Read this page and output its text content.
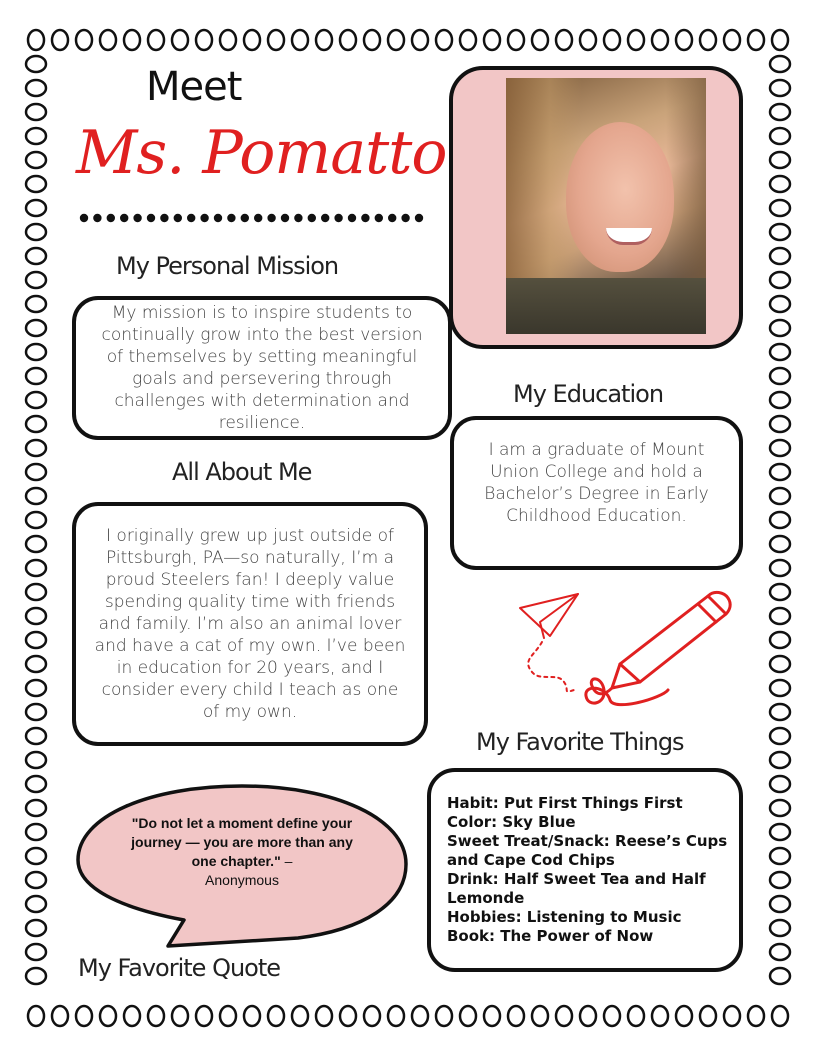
Meet
Ms. Pomatto
My Personal Mission

My mission is to inspire students to continually grow into the best version of themselves by setting meaningful goals and persevering through challenges with determination and resilience.

My Education

I am a graduate of Mount Union College and hold a Bachelor’s Degree in Early Childhood Education.

All About Me

I originally grew up just outside of Pittsburgh, PA—so naturally, I’m a proud Steelers fan! I deeply value spending quality time with friends and family. I’m also an animal lover and have a cat of my own. I’ve been in education for 20 years, and I consider every child I teach as one of my own.

My Favorite Things
Habit: Put First Things First
Color: Sky Blue
Sweet Treat/Snack: Reese’s Cups and Cape Cod Chips
Drink: Half Sweet Tea and Half Lemonde
Hobbies: Listening to Music
Book: The Power of Now
"Do not let a moment define your journey — you are more than any one chapter." –
Anonymous
My Favorite Quote
